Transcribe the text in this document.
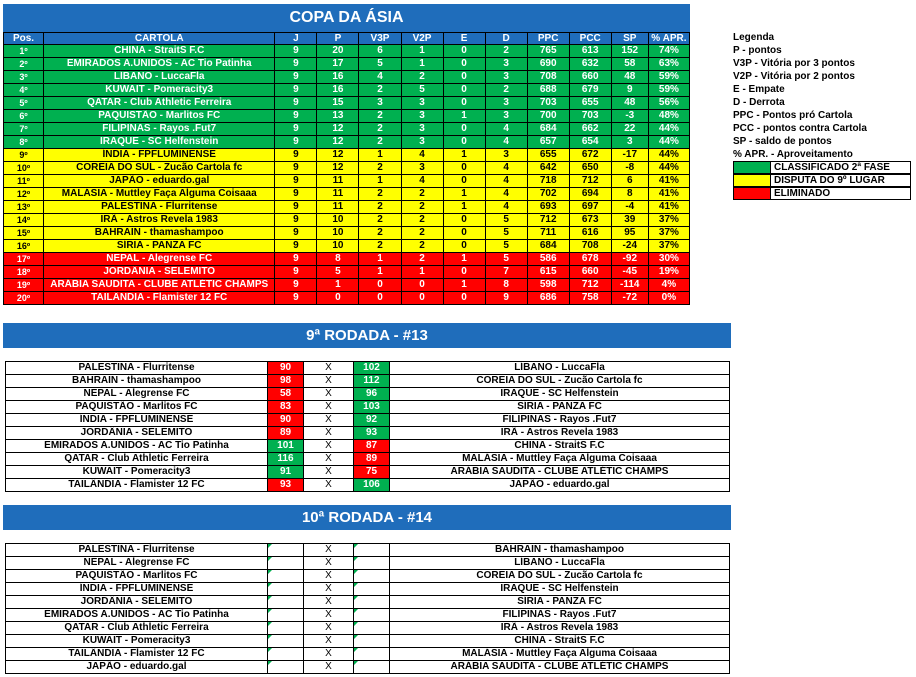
COPA DA ÁSIA
Pos.	CARTOLA	J	P	V3P	V2P	E	D	PPC	PCC	SP	% APR.
1º	CHINA - StraitS F.C	9	20	6	1	0	2	765	613	152	74%
2º	EMIRADOS A.UNIDOS - AC Tio Patinha	9	17	5	1	0	3	690	632	58	63%
3º	LÍBANO - LuccaFla	9	16	4	2	0	3	708	660	48	59%
4º	KUWAIT - Pomeracity3	9	16	2	5	0	2	688	679	9	59%
5º	QATAR - Club Athletic Ferreira	9	15	3	3	0	3	703	655	48	56%
6º	PAQUISTÃO - Marlitos FC	9	13	2	3	1	3	700	703	-3	48%
7º	FILIPINAS - Rayos .Fut7	9	12	2	3	0	4	684	662	22	44%
8º	IRAQUE - SC Helfenstein	9	12	2	3	0	4	657	654	3	44%
9º	ÍNDIA - FPFLUMINENSE	9	12	1	4	1	3	655	672	-17	44%
10º	COREIA DO SUL - Zucão Cartola fc	9	12	2	3	0	4	642	650	-8	44%
11º	JAPÃO - eduardo.gal	9	11	1	4	0	4	718	712	6	41%
12º	MALÁSIA - Muttley Faça Alguma Coisaaa	9	11	2	2	1	4	702	694	8	41%
13º	PALESTINA - Flurritense	9	11	2	2	1	4	693	697	-4	41%
14º	IRÃ - Astros Revela 1983	9	10	2	2	0	5	712	673	39	37%
15º	BAHRAIN - thamashampoo	9	10	2	2	0	5	711	616	95	37%
16º	SÍRIA - PANZA FC	9	10	2	2	0	5	684	708	-24	37%
17º	NEPAL - Alegrense FC	9	8	1	2	1	5	586	678	-92	30%
18º	JORDÂNIA - SELEMITO	9	5	1	1	0	7	615	660	-45	19%
19º	ARÁBIA SAUDITA - CLUBE ATLÉTIC CHAMPS	9	1	0	0	1	8	598	712	-114	4%
20º	TAILÂNDIA - Flamister 12 FC	9	0	0	0	0	9	686	758	-72	0%
Legenda
P - pontos
V3P - Vitória por 3 pontos
V2P - Vitória por 2 pontos
E - Empate
D - Derrota
PPC - Pontos pró Cartola
PCC - pontos contra Cartola
SP - saldo de pontos
% APR. - Aproveitamento
CLASSIFICADO 2ª FASE
DISPUTA DO 9º LUGAR
ELIMINADO
9ª RODADA - #13
PALESTINA - Flurritense	90	X	102	LÍBANO - LuccaFla
BAHRAIN - thamashampoo	98	X	112	COREIA DO SUL - Zucão Cartola fc
NEPAL - Alegrense FC	58	X	96	IRAQUE - SC Helfenstein
PAQUISTÃO - Marlitos FC	83	X	103	SÍRIA - PANZA FC
ÍNDIA - FPFLUMINENSE	90	X	92	FILIPINAS - Rayos .Fut7
JORDÂNIA - SELEMITO	89	X	93	IRÃ - Astros Revela 1983
EMIRADOS A.UNIDOS - AC Tio Patinha	101	X	87	CHINA - StraitS F.C
QATAR - Club Athletic Ferreira	116	X	89	MALÁSIA - Muttley Faça Alguma Coisaaa
KUWAIT - Pomeracity3	91	X	75	ARÁBIA SAUDITA - CLUBE ATLÉTIC CHAMPS
TAILÂNDIA - Flamister 12 FC	93	X	106	JAPÃO - eduardo.gal
10ª RODADA - #14
PALESTINA - Flurritense		X		BAHRAIN - thamashampoo
NEPAL - Alegrense FC		X		LÍBANO - LuccaFla
PAQUISTÃO - Marlitos FC		X		COREIA DO SUL - Zucão Cartola fc
ÍNDIA - FPFLUMINENSE		X		IRAQUE - SC Helfenstein
JORDÂNIA - SELEMITO		X		SÍRIA - PANZA FC
EMIRADOS A.UNIDOS - AC Tio Patinha		X		FILIPINAS - Rayos .Fut7
QATAR - Club Athletic Ferreira		X		IRÃ - Astros Revela 1983
KUWAIT - Pomeracity3		X		CHINA - StraitS F.C
TAILÂNDIA - Flamister 12 FC		X		MALÁSIA - Muttley Faça Alguma Coisaaa
JAPÃO - eduardo.gal		X		ARÁBIA SAUDITA - CLUBE ATLÉTIC CHAMPS
